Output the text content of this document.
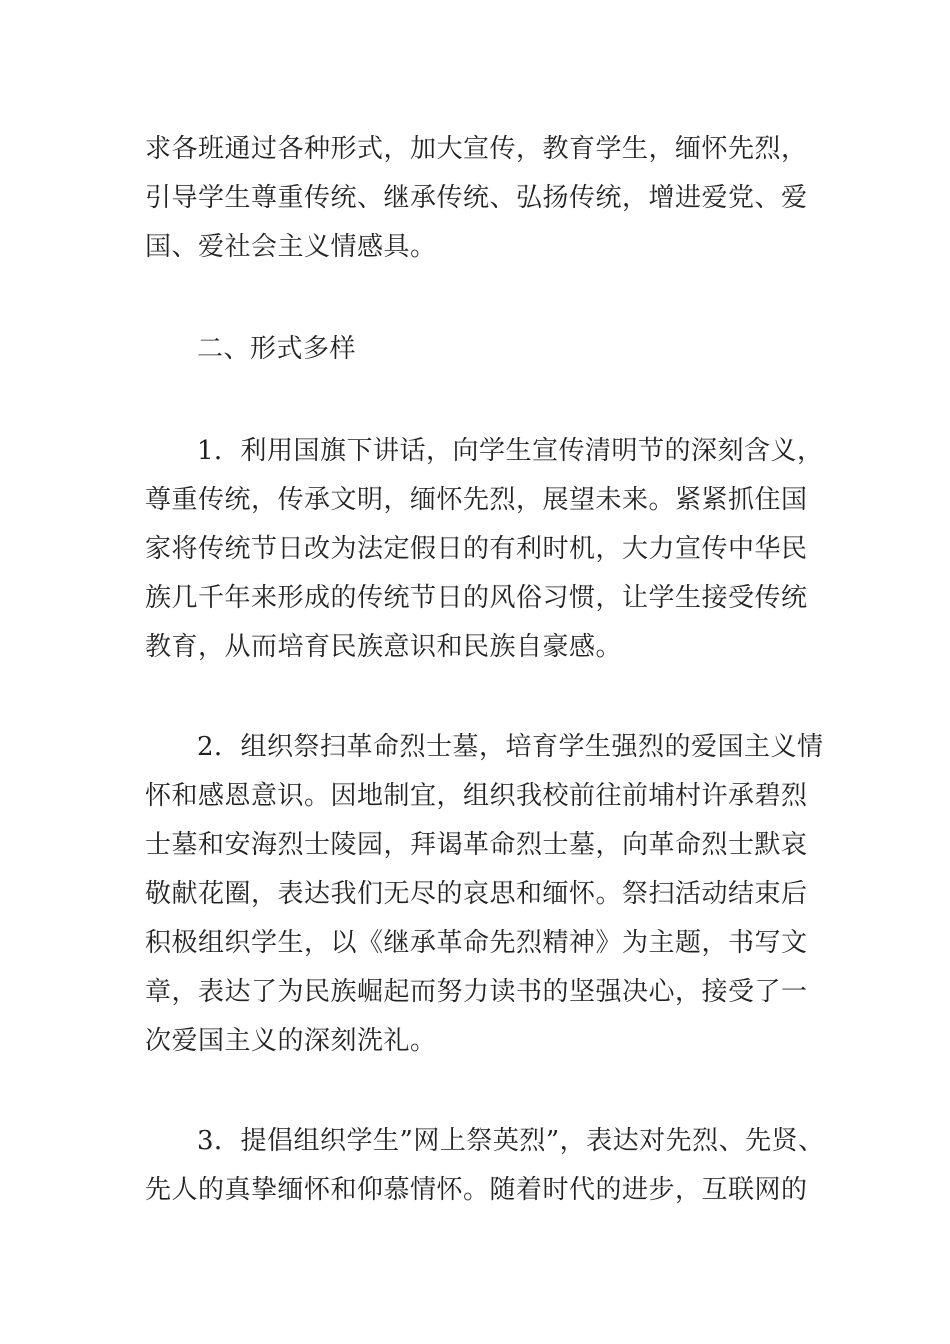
求各班通过各种形式，加大宣传，教育学生，缅怀先烈，
引导学生尊重传统、继承传统、弘扬传统，增进爱党、爱
国、爱社会主义情感具。
二、形式多样
1．利用国旗下讲话，向学生宣传清明节的深刻含义，
尊重传统，传承文明，缅怀先烈，展望未来。紧紧抓住国
家将传统节日改为法定假日的有利时机，大力宣传中华民
族几千年来形成的传统节日的风俗习惯，让学生接受传统
教育，从而培育民族意识和民族自豪感。
2．组织祭扫革命烈士墓，培育学生强烈的爱国主义情
怀和感恩意识。因地制宜，组织我校前往前埔村许承碧烈
士墓和安海烈士陵园，拜谒革命烈士墓，向革命烈士默哀
敬献花圈，表达我们无尽的哀思和缅怀。祭扫活动结束后
积极组织学生，以《继承革命先烈精神》为主题，书写文
章，表达了为民族崛起而努力读书的坚强决心，接受了一
次爱国主义的深刻洗礼。
3．提倡组织学生”网上祭英烈”，表达对先烈、先贤、
先人的真挚缅怀和仰慕情怀。随着时代的进步，互联网的
